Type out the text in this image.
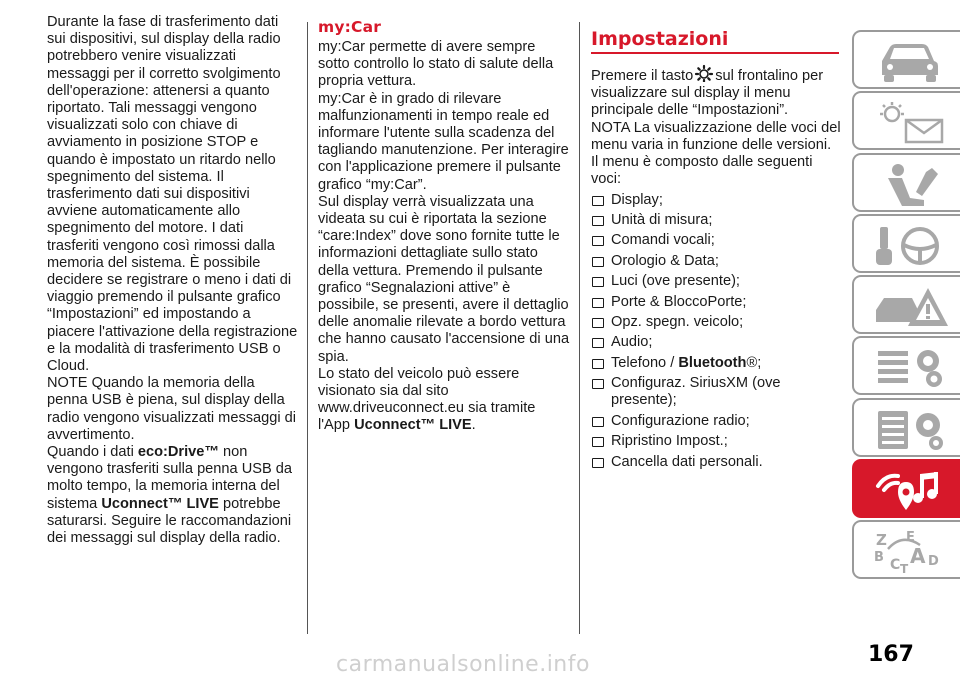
Durante la fase di trasferimento dati sui dispositivi, sul display della radio potrebbero venire visualizzati messaggi per il corretto svolgimento dell'operazione: attenersi a quanto riportato. Tali messaggi vengono visualizzati solo con chiave di avviamento in posizione STOP e quando è impostato un ritardo nello spegnimento del sistema. Il trasferimento dati sui dispositivi avviene automaticamente allo spegnimento del motore. I dati trasferiti vengono così rimossi dalla memoria del sistema. È possibile decidere se registrare o meno i dati di viaggio premendo il pulsante grafico “Impostazioni” ed impostando a piacere l'attivazione della registrazione e la modalità di trasferimento USB o Cloud.

NOTE Quando la memoria della penna USB è piena, sul display della radio vengono visualizzati messaggi di avvertimento.

Quando i dati eco:Drive™ non vengono trasferiti sulla penna USB da molto tempo, la memoria interna del sistema Uconnect™ LIVE potrebbe saturarsi. Seguire le raccomandazioni dei messaggi sul display della radio.

my:Car

my:Car permette di avere sempre sotto controllo lo stato di salute della propria vettura.

my:Car è in grado di rilevare malfunzionamenti in tempo reale ed informare l'utente sulla scadenza del tagliando manutenzione. Per interagire con l'applicazione premere il pulsante grafico “my:Car”.

Sul display verrà visualizzata una videata su cui è riportata la sezione “care:Index” dove sono fornite tutte le informazioni dettagliate sullo stato della vettura. Premendo il pulsante grafico “Segnalazioni attive” è possibile, se presenti, avere il dettaglio delle anomalie rilevate a bordo vettura che hanno causato l'accensione di una spia.

Lo stato del veicolo può essere visionato sia dal sito www.driveuconnect.eu sia tramite l'App Uconnect™ LIVE.

Impostazioni

Premere il tasto sul frontalino per visualizzare sul display il menu principale delle “Impostazioni”.

NOTA La visualizzazione delle voci del menu varia in funzione delle versioni.

Il menu è composto dalle seguenti voci:

Display;
Unità di misura;
Comandi vocali;
Orologio & Data;
Luci (ove presente);
Porte & BloccoPorte;
Opz. spegn. veicolo;
Audio;
Telefono / Bluetooth®;
Configuraz. SiriusXM (ove presente);
Configurazione radio;
Ripristino Impost.;
Cancella dati personali.
Z E
B A
C D
T
167
carmanualsonline.info
